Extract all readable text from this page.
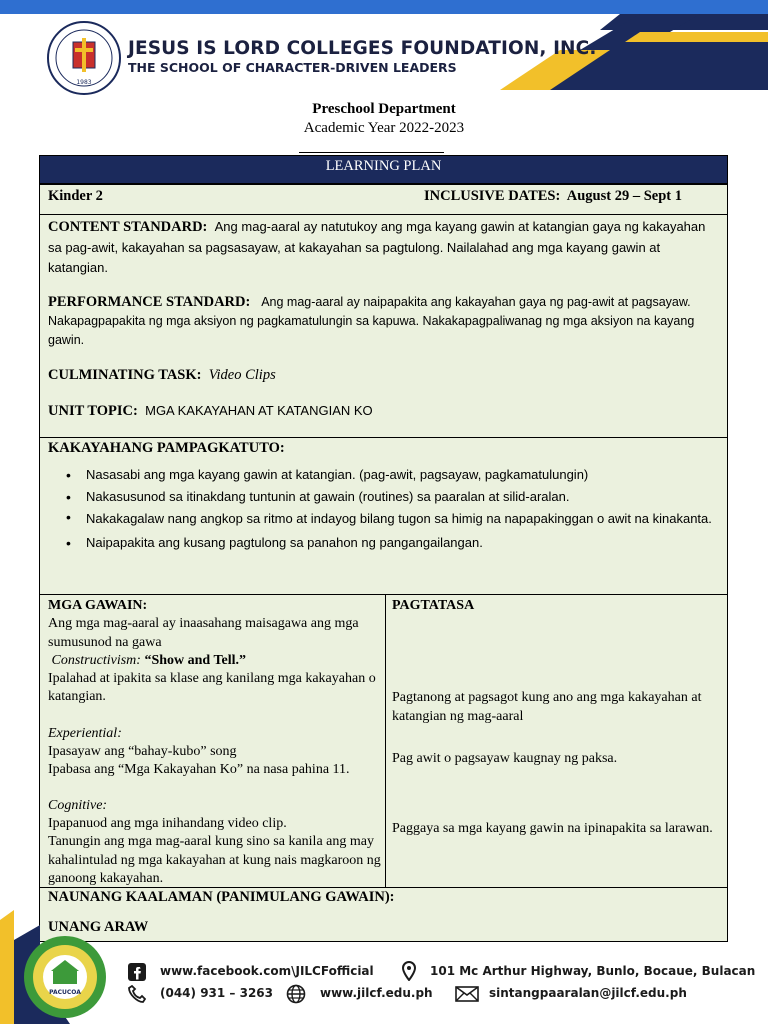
1983
JESUS IS LORD COLLEGES FOUNDATION, INC.
THE SCHOOL OF CHARACTER-DRIVEN LEADERS
Preschool Department
Academic Year 2022-2023
LEARNING PLAN
Kinder 2	INCLUSIVE DATES: August 29 – Sept 1
CONTENT STANDARD: Ang mag-aaral ay natutukoy ang mga kayang gawin at katangian gaya ng kakayahan sa pag-awit, kakayahan sa pagsasayaw, at kakayahan sa pagtulong. Nailalahad ang mga kayang gawin at katangian.
PERFORMANCE STANDARD: Ang mag-aaral ay naipapakita ang kakayahan gaya ng pag-awit at pagsayaw. Nakapagpapakita ng mga aksiyon ng pagkamatulungin sa kapuwa. Nakakapagpaliwanag ng mga aksiyon na kayang gawin.
CULMINATING TASK: Video Clips
UNIT TOPIC: MGA KAKAYAHAN AT KATANGIAN KO
KAKAYAHANG PAMPAGKATUTO:
• Nasasabi ang mga kayang gawin at katangian. (pag-awit, pagsayaw, pagkamatulungin)
• Nakasusunod sa itinakdang tuntunin at gawain (routines) sa paaralan at silid-aralan.
• Nakakagalaw nang angkop sa ritmo at indayog bilang tugon sa himig na napapakinggan o awit na kinakanta.
• Naipapakita ang kusang pagtulong sa panahon ng pangangailangan.
MGA GAWAIN:
Ang mga mag-aaral ay inaasahang maisagawa ang mga sumusunod na gawa
Constructivism: “Show and Tell.”
Ipalahad at ipakita sa klase ang kanilang mga kakayahan o katangian.
Experiential:
Ipasayaw ang “bahay-kubo” song
Ipabasa ang “Mga Kakayahan Ko” na nasa pahina 11.
Cognitive:
Ipapanuod ang mga inihandang video clip.
Tanungin ang mga mag-aaral kung sino sa kanila ang may kahalintulad ng mga kakayahan at kung nais magkaroon ng ganoong kakayahan.
PAGTATASA
Pagtanong at pagsagot kung ano ang mga kakayahan at katangian ng mag-aaral
Pag awit o pagsayaw kaugnay ng paksa.
Paggaya sa mga kayang gawin na ipinapakita sa larawan.
NAUNANG KAALAMAN (PANIMULANG GAWAIN):
UNANG ARAW
PACUCOA
www.facebook.com\JILCFofficial	101 Mc Arthur Highway, Bunlo, Bocaue, Bulacan
(044) 931 – 3263	www.jilcf.edu.ph	sintangpaaralan@jilcf.edu.ph
